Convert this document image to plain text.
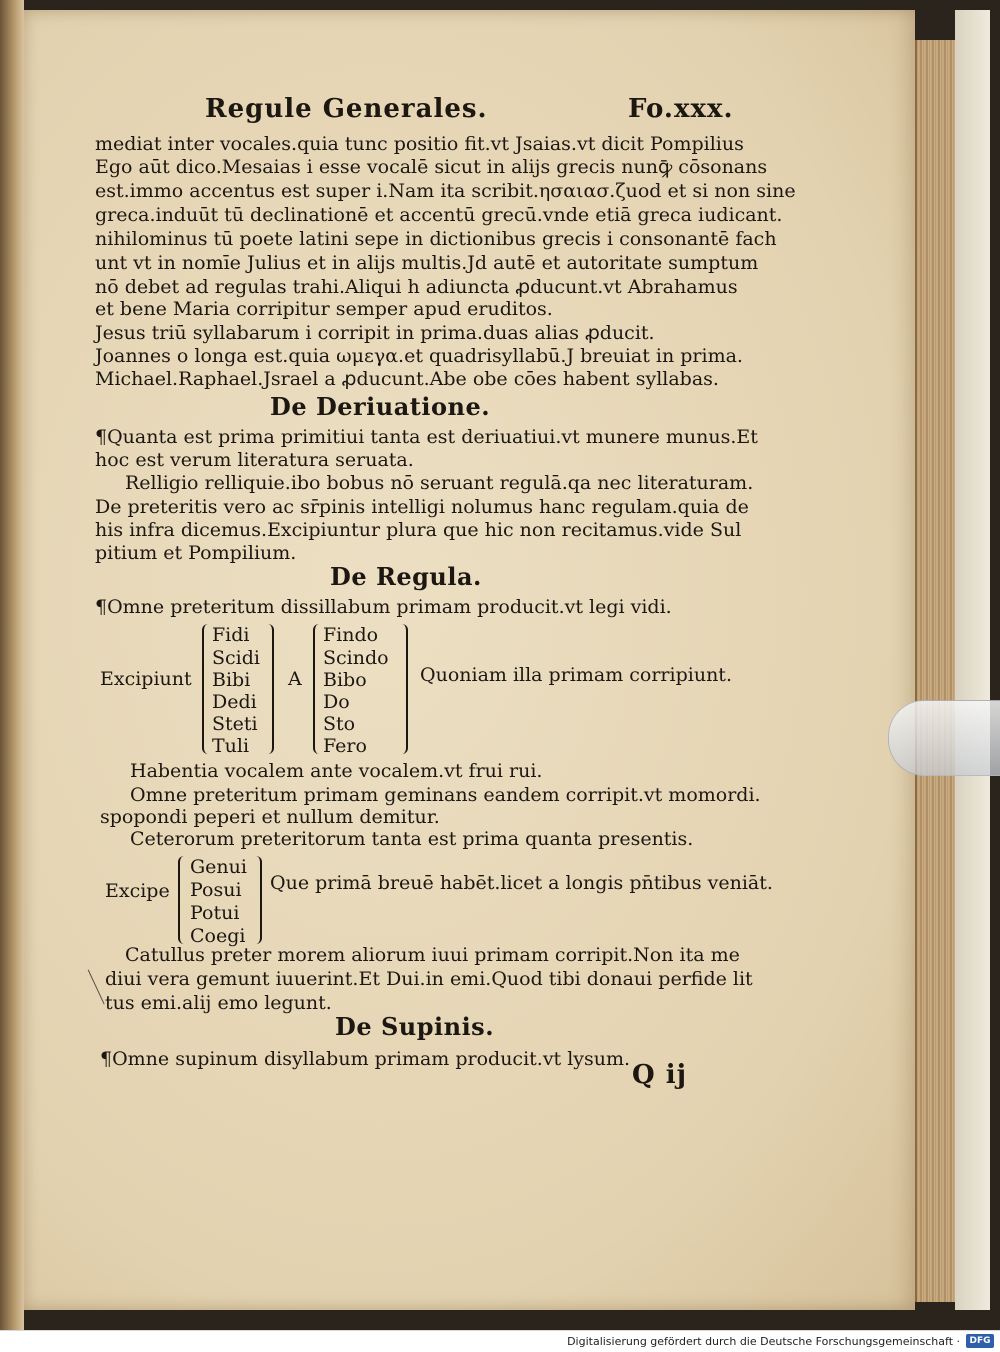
Regule Generales.	Fo.xxx.
mediat inter vocales.quia tunc positio fit.vt Jsaias.vt dicit Pompilius
Ego aūt dico.Mesaias i esse vocalē sicut in alijs grecis nunꝙ̄ cōsonans
est.immo accentus est super i.Nam ita scribit.ησαιασ.ζuod et si non sine
greca.induūt tū declinationē et accentū grecū.vnde etiā greca iudicant.
nihilominus tū poete latini sepe in dictionibus grecis i consonantē fach
unt vt in nomīe Julius et in alijs multis.Jd autē et autoritate sumptum
nō debet ad regulas trahi.Aliqui h adiuncta ꝓducunt.vt Abrahamus
et bene Maria corripitur semper apud eruditos.
Jesus triū syllabarum i corripit in prima.duas alias ꝓducit.
Joannes o longa est.quia ωμεγα.et quadrisyllabū.J breuiat in prima.
Michael.Raphael.Jsrael a ꝓducunt.Abe obe cōes habent syllabas.
De Deriuatione.
¶Quanta est prima primitiui tanta est deriuatiui.vt munere munus.Et
hoc est verum literatura seruata.
Relligio relliquie.ibo bobus nō seruant regulā.qa nec literaturam.
De preteritis vero ac sr̄pinis intelligi nolumus hanc regulam.quia de
his infra dicemus.Excipiuntur plura que hic non recitamus.vide Sul
pitium et Pompilium.
De Regula.
¶Omne preteritum dissillabum primam producit.vt legi vidi.
Excipiunt
Fidi
Scidi
Bibi
Dedi
Steti
Tuli
A
Findo
Scindo
Bibo
Do
Sto
Fero
Quoniam illa primam corripiunt.
Habentia vocalem ante vocalem.vt frui rui.
Omne preteritum primam geminans eandem corripit.vt momordi.
spopondi peperi et nullum demitur.
Ceterorum preteritorum tanta est prima quanta presentis.
Excipe
Genui
Posui
Potui
Coegi
Que primā breuē habēt.licet a longis pn̄tibus veniāt.
Catullus preter morem aliorum iuui primam corripit.Non ita me
diui vera gemunt iuuerint.Et Dui.in emi.Quod tibi donaui perfide lit
tus emi.alij emo legunt.
De Supinis.
¶Omne supinum disyllabum primam producit.vt lysum.
Q ij
Digitalisierung gefördert durch die Deutsche Forschungsgemeinschaft ·	DFG
